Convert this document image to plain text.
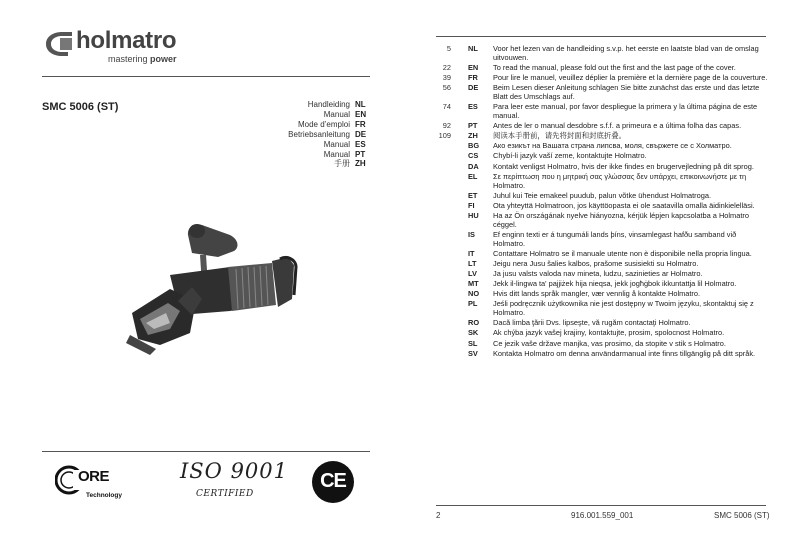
holmatro
mastering power
SMC 5006 (ST)	Handleiding NL
Manual EN
Mode d’emploi FR
Betriebsanleitung DE
Manual ES
Manual PT
手册 ZH
ORE
Technology
ISO 9001
CERTIFIED
CE
5	NL	Voor het lezen van de handleiding s.v.p. het eerste en laatste blad van de omslag uitvouwen.
22	EN	To read the manual, please fold out the first and the last page of the cover.
39	FR	Pour lire le manuel, veuillez déplier la première et la dernière page de la couverture.
56	DE	Beim Lesen dieser Anleitung schlagen Sie bitte zunächst das erste und das letzte Blatt des Umschlags auf.
74	ES	Para leer este manual, por favor despliegue la primera y la última página de este manual.
92	PT	Antes de ler o manual desdobre s.f.f. a primeura e a última folha das capas.
109	ZH	阅读本手册前，请先将封面和封底折叠。
BG	Ако езикът на Вашата страна липсва, моля, свържете се с Холматро.
CS	Chybí-li jazyk vaší zeme, kontaktujte Holmatro.
DA	Kontakt venligst Holmatro, hvis der ikke findes en brugervejledning på dit sprog.
EL	Σε περίπτωση που η μητρική σας γλώσσας δεν υπάρχει, επικοινωνήστε με τη Holmatro.
ET	Juhul kui Teie emakeel puudub, palun võtke ühendust Holmatroga.
FI	Ota yhteyttä Holmatroon, jos käyttöopasta ei ole saatavilla omalla äidinkielelläsi.
HU	Ha az Ön országának nyelve hiányozna, kérjük lépjen kapcsolatba a Holmatro céggel.
IS	Ef enginn texti er á tungumáli lands þíns, vinsamlegast hafðu samband við Holmatro.
IT	Contattare Holmatro se il manuale utente non è disponibile nella propria lingua.
LT	Jeigu nera Jusu šalies kalbos, prašome susisiekti su Holmatro.
LV	Ja jusu valsts valoda nav mineta, ludzu, sazinieties ar Holmatro.
MT	Jekk il-lingwa ta' pajjiżek hija nieqsa, jekk jogħġbok ikkuntattja lil Holmatro.
NO	Hvis ditt lands språk mangler, vær vennlig å kontakte Holmatro.
PL	Jeśli podręcznik użytkownika nie jest dostępny w Twoim języku, skontaktuj się z Holmatro.
RO	Dacă limba ţării Dvs. lipseşte, vă rugăm contactaţi Holmatro.
SK	Ak chýba jazyk vašej krajiny, kontaktujte, prosim, spolocnost Holmatro.
SL	Ce jezik vaše države manjka, vas prosimo, da stopite v stik s Holmatro.
SV	Kontakta Holmatro om denna användarmanual inte finns tillgänglig på ditt språk.
2	916.001.559_001	SMC 5006 (ST)
